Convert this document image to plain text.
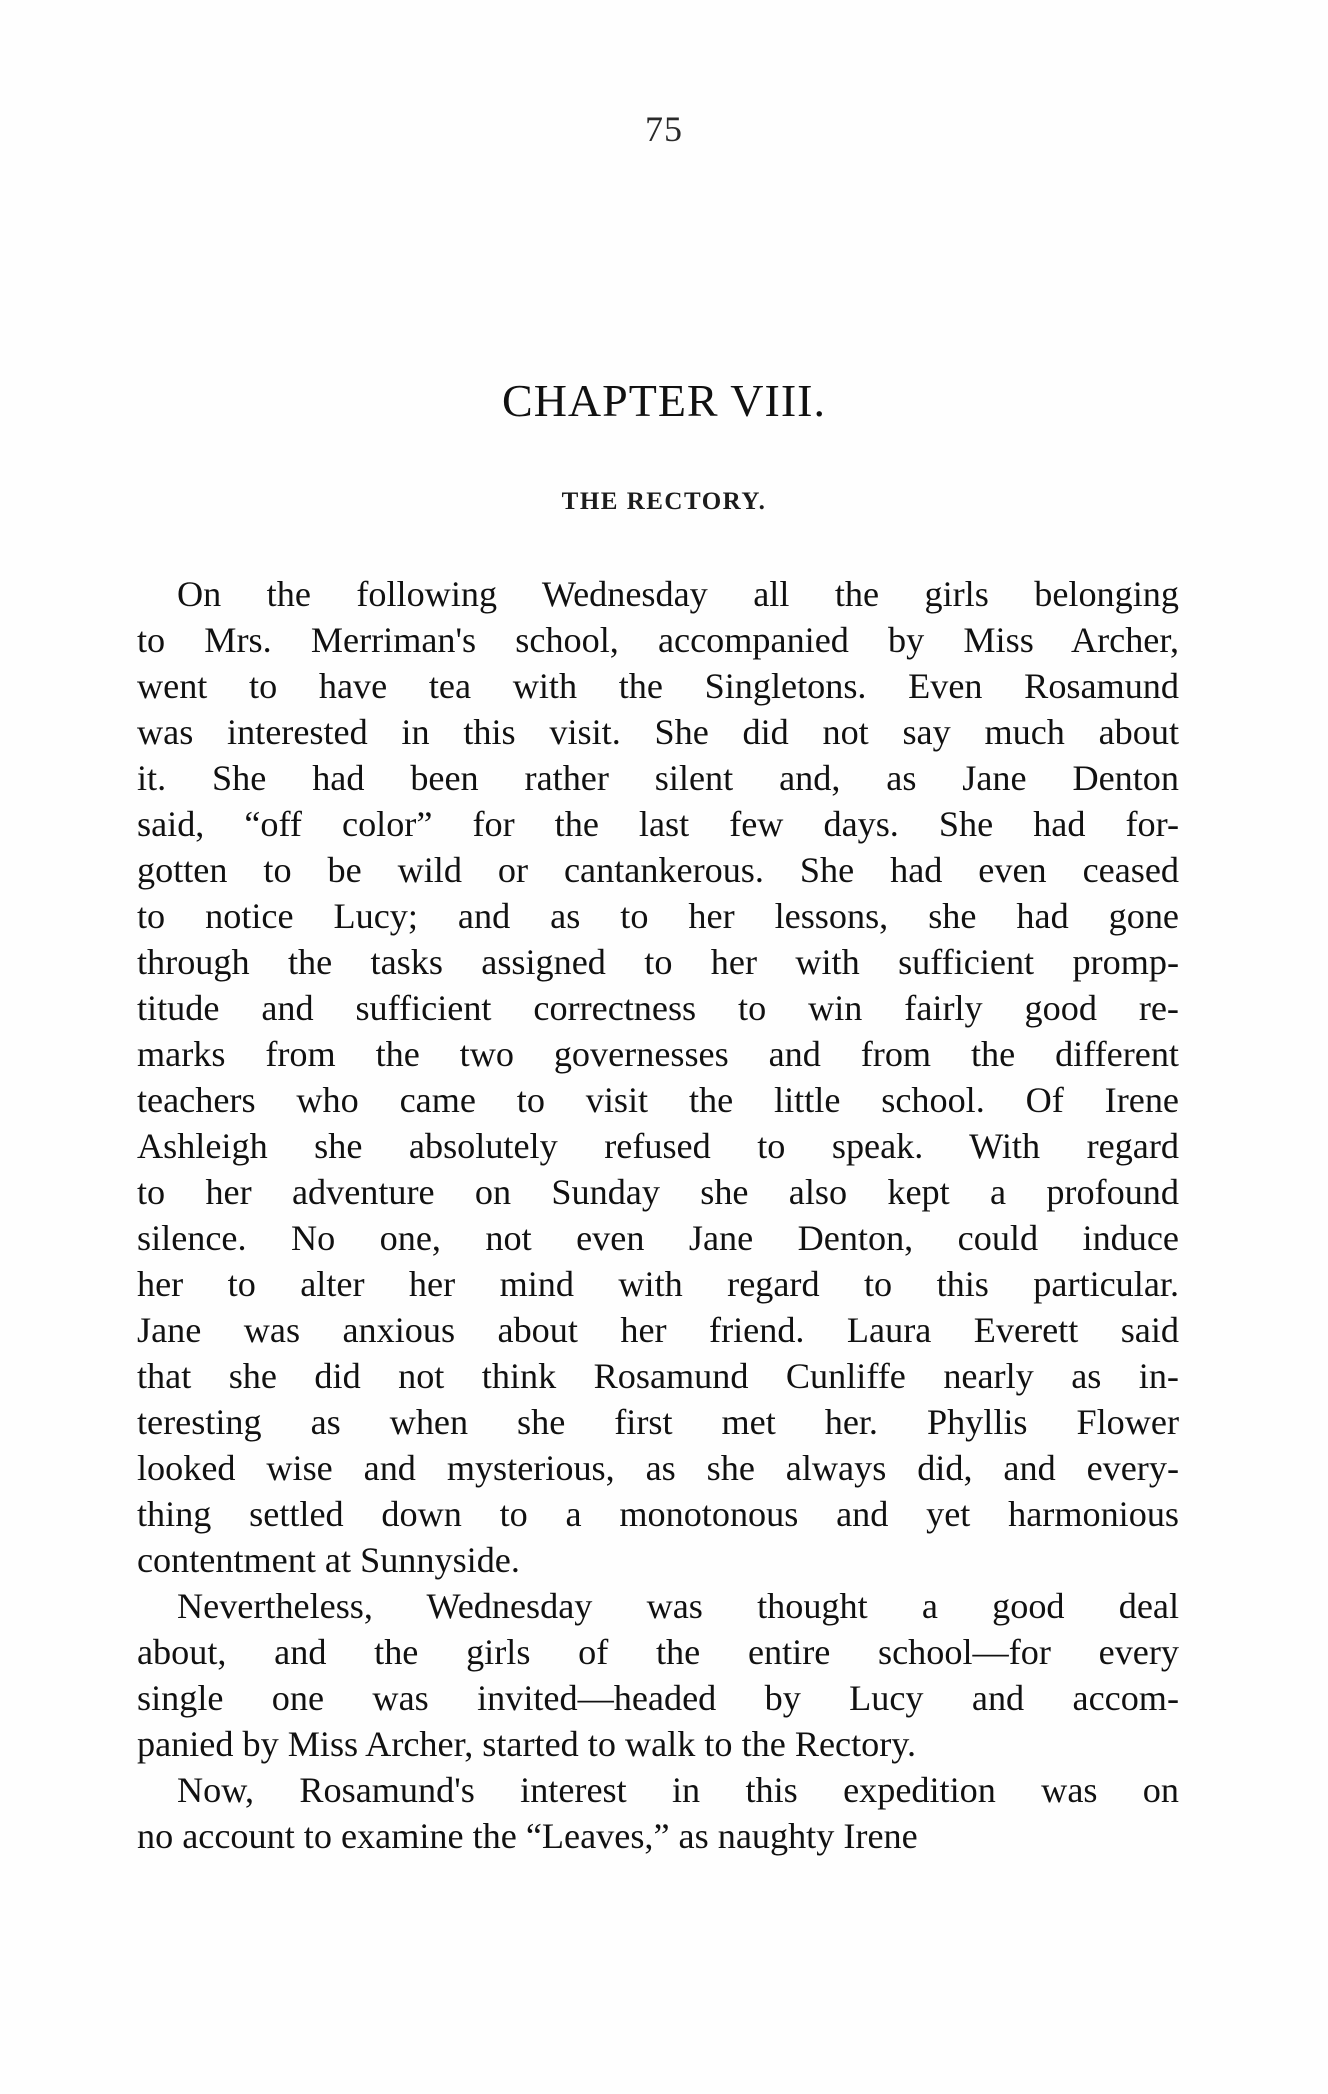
75
CHAPTER VIII.
THE RECTORY.
On the following Wednesday all the girls belonging
to Mrs. Merriman's school, accompanied by Miss Archer,
went to have tea with the Singletons. Even Rosamund
was interested in this visit. She did not say much about
it. She had been rather silent and, as Jane Denton
said, “off color” for the last few days. She had for-
gotten to be wild or cantankerous. She had even ceased
to notice Lucy; and as to her lessons, she had gone
through the tasks assigned to her with sufficient promp-
titude and sufficient correctness to win fairly good re-
marks from the two governesses and from the different
teachers who came to visit the little school. Of Irene
Ashleigh she absolutely refused to speak. With regard
to her adventure on Sunday she also kept a profound
silence. No one, not even Jane Denton, could induce
her to alter her mind with regard to this particular.
Jane was anxious about her friend. Laura Everett said
that she did not think Rosamund Cunliffe nearly as in-
teresting as when she first met her. Phyllis Flower
looked wise and mysterious, as she always did, and every-
thing settled down to a monotonous and yet harmonious
contentment at Sunnyside.
Nevertheless, Wednesday was thought a good deal
about, and the girls of the entire school—for every
single one was invited—headed by Lucy and accom-
panied by Miss Archer, started to walk to the Rectory.
Now, Rosamund's interest in this expedition was on
no account to examine the “Leaves,” as naughty Irene
